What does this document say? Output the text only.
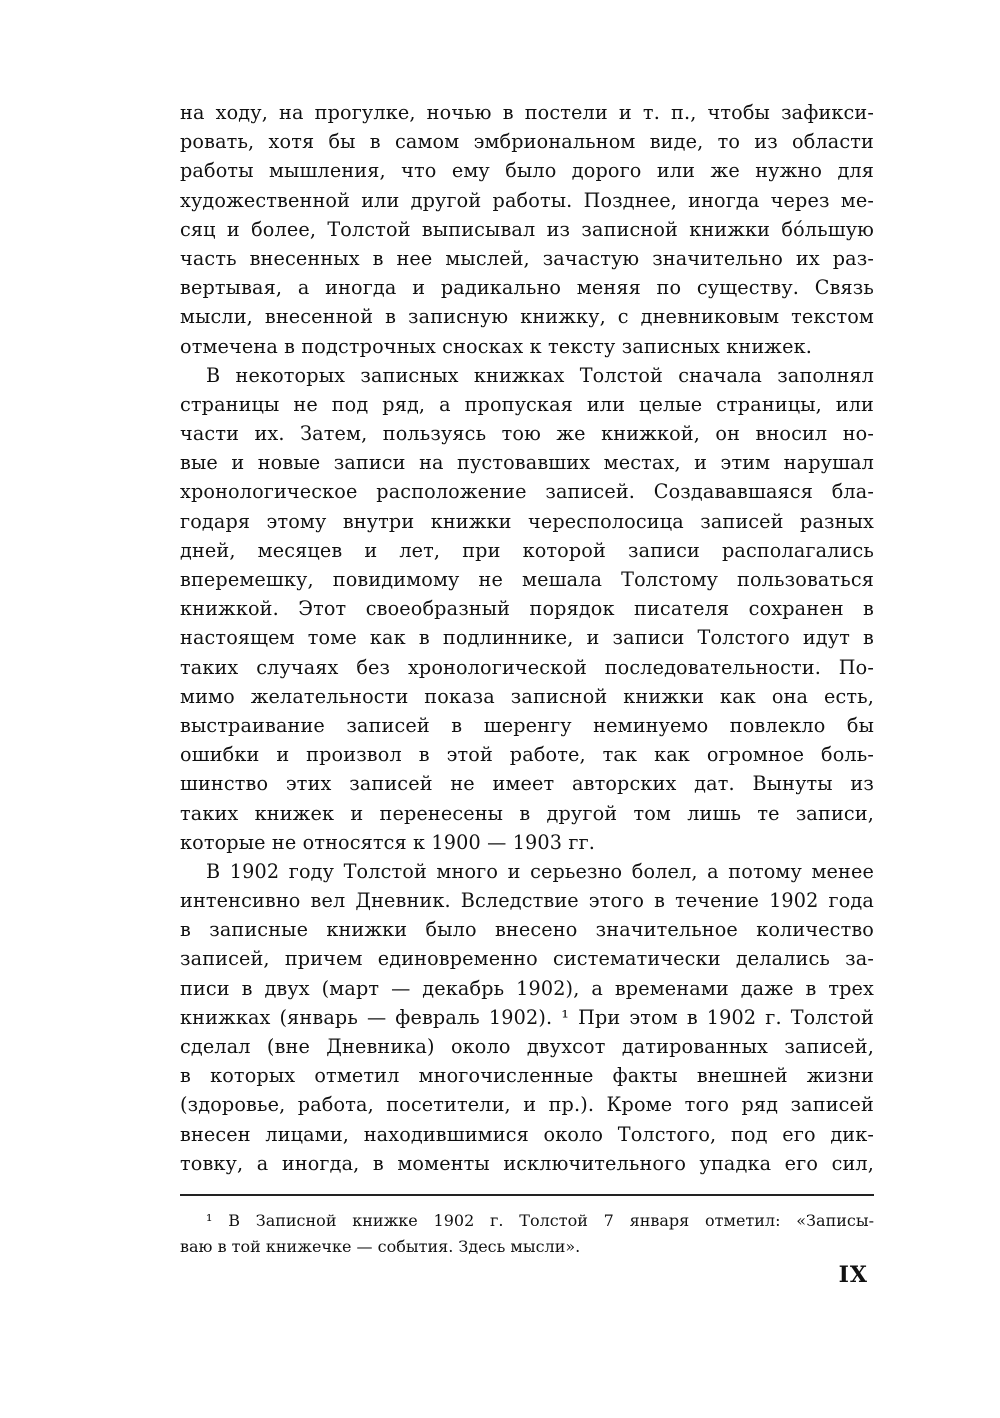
на ходу, на прогулке, ночью в постели и т. п., чтобы зафикси-
ровать, хотя бы в самом эмбриональном виде, то из области
работы мышления, что ему было дорого или же нужно для
художественной или другой работы. Позднее, иногда через ме-
сяц и более, Толстой выписывал из записной книжки бóльшую
часть внесенных в нее мыслей, зачастую значительно их раз-
вертывая, а иногда и радикально меняя по существу. Связь
мысли, внесенной в записную книжку, с дневниковым текстом
отмечена в подстрочных сносках к тексту записных книжек.
В некоторых записных книжках Толстой сначала заполнял
страницы не под ряд, а пропуская или целые страницы, или
части их. Затем, пользуясь тою же книжкой, он вносил но-
вые и новые записи на пустовавших местах, и этим нарушал
хронологическое расположение записей. Создававшаяся бла-
годаря этому внутри книжки чересполосица записей разных
дней, месяцев и лет, при которой записи располагались
вперемешку, повидимому не мешала Толстому пользоваться
книжкой. Этот своеобразный порядок писателя сохранен в
настоящем томе как в подлиннике, и записи Толстого идут в
таких случаях без хронологической последовательности. По-
мимо желательности показа записной книжки как она есть,
выстраивание записей в шеренгу неминуемо повлекло бы
ошибки и произвол в этой работе, так как огромное боль-
шинство этих записей не имеет авторских дат. Вынуты из
таких книжек и перенесены в другой том лишь те записи,
которые не относятся к 1900 — 1903 гг.
В 1902 году Толстой много и серьезно болел, а потому менее
интенсивно вел Дневник. Вследствие этого в течение 1902 года
в записные книжки было внесено значительное количество
записей, причем единовременно систематически делались за-
писи в двух (март — декабрь 1902), а временами даже в трех
книжках (январь — февраль 1902). ¹ При этом в 1902 г. Толстой
сделал (вне Дневника) около двухсот датированных записей,
в которых отметил многочисленные факты внешней жизни
(здоровье, работа, посетители, и пр.). Кроме того ряд записей
внесен лицами, находившимися около Толстого, под его дик-
товку, а иногда, в моменты исключительного упадка его сил,
¹ В Записной книжке 1902 г. Толстой 7 января отметил: «Записы-
ваю в той книжечке — события. Здесь мысли».
IX
